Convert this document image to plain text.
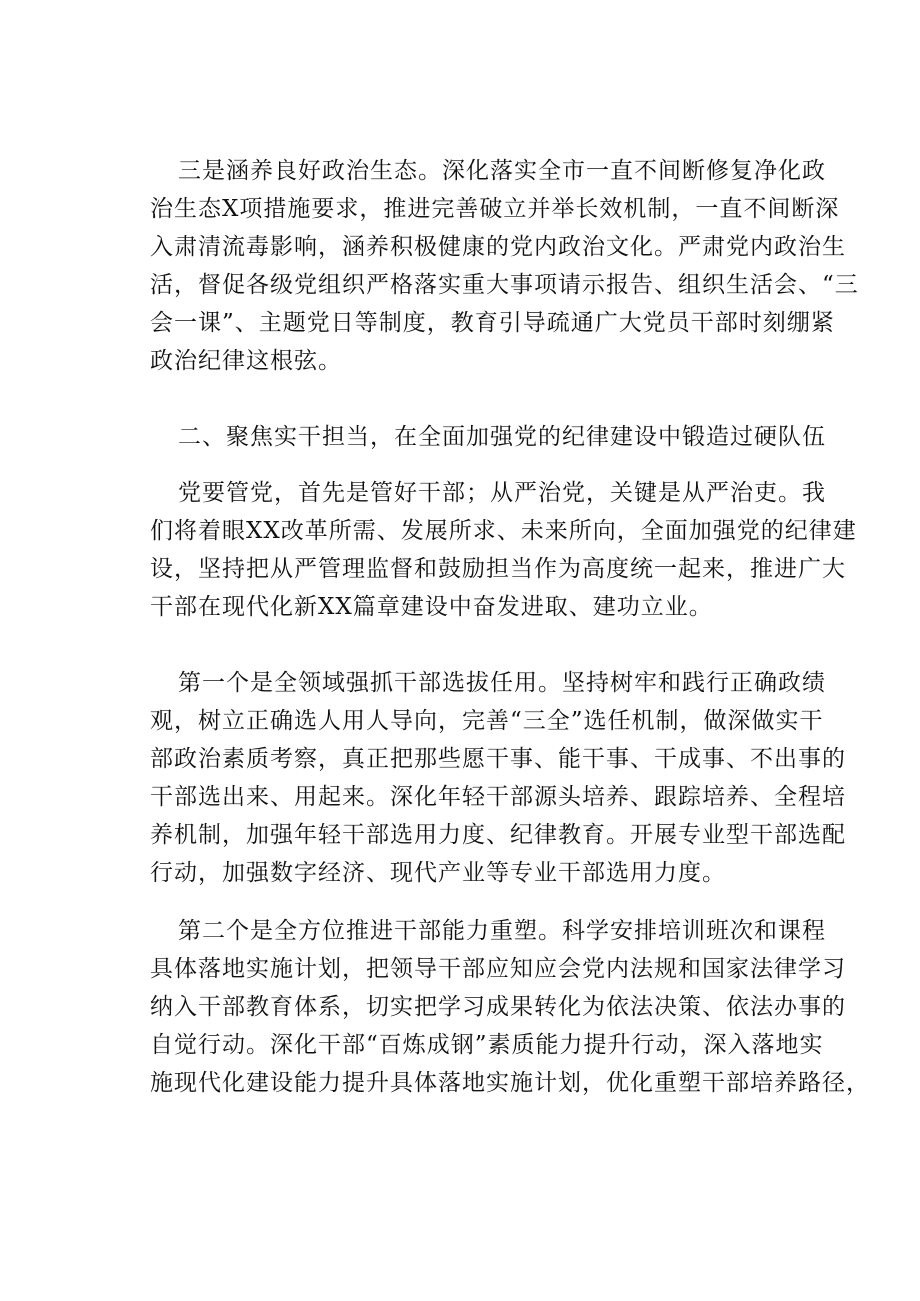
三是涵养良好政治生态。深化落实全市一直不间断修复净化政
治生态X项措施要求，推进完善破立并举长效机制，一直不间断深
入肃清流毒影响，涵养积极健康的党内政治文化。严肃党内政治生
活，督促各级党组织严格落实重大事项请示报告、组织生活会、“三
会一课”、主题党日等制度，教育引导疏通广大党员干部时刻绷紧
政治纪律这根弦。
二、聚焦实干担当，在全面加强党的纪律建设中锻造过硬队伍
党要管党，首先是管好干部；从严治党，关键是从严治吏。我
们将着眼XX改革所需、发展所求、未来所向，全面加强党的纪律建
设，坚持把从严管理监督和鼓励担当作为高度统一起来，推进广大
干部在现代化新XX篇章建设中奋发进取、建功立业。
第一个是全领域强抓干部选拔任用。坚持树牢和践行正确政绩
观，树立正确选人用人导向，完善“三全”选任机制，做深做实干
部政治素质考察，真正把那些愿干事、能干事、干成事、不出事的
干部选出来、用起来。深化年轻干部源头培养、跟踪培养、全程培
养机制，加强年轻干部选用力度、纪律教育。开展专业型干部选配
行动，加强数字经济、现代产业等专业干部选用力度。
第二个是全方位推进干部能力重塑。科学安排培训班次和课程
具体落地实施计划，把领导干部应知应会党内法规和国家法律学习
纳入干部教育体系，切实把学习成果转化为依法决策、依法办事的
自觉行动。深化干部“百炼成钢”素质能力提升行动，深入落地实
施现代化建设能力提升具体落地实施计划，优化重塑干部培养路径，
